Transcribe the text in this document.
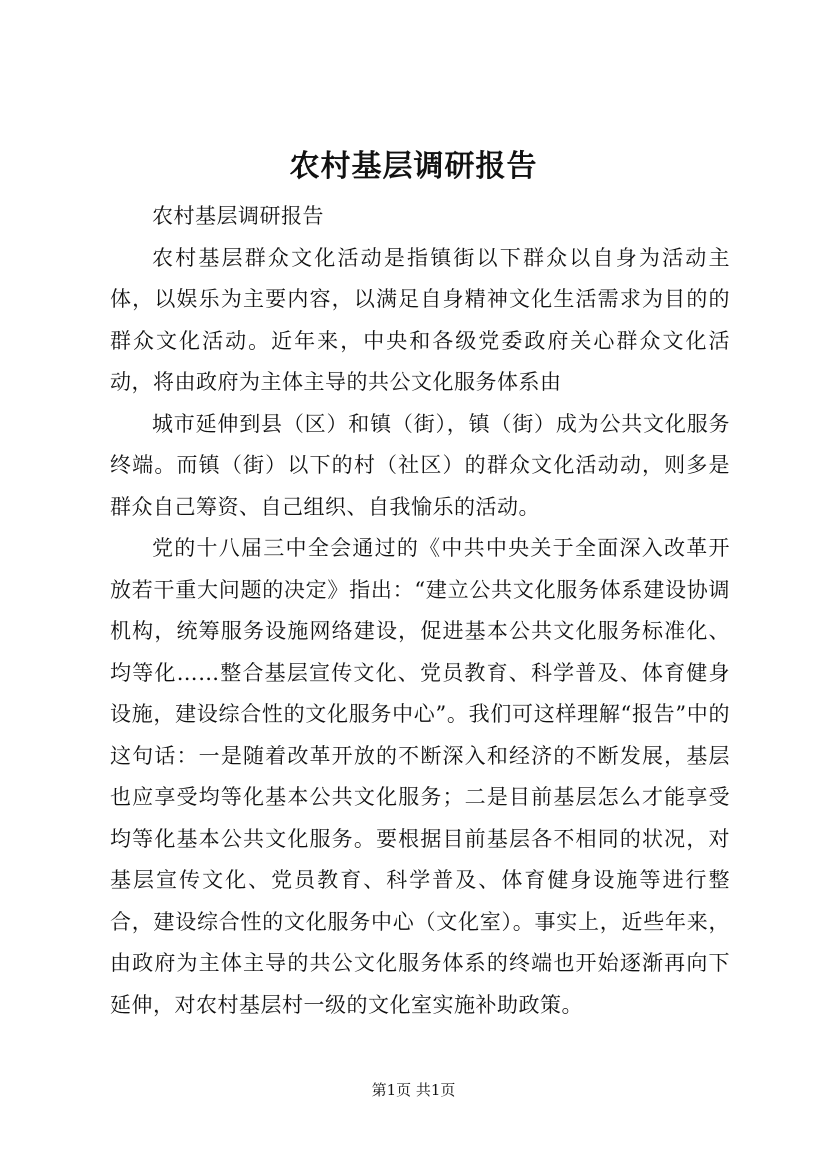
农村基层调研报告

农村基层调研报告

农村基层群众文化活动是指镇街以下群众以自身为活动主体，以娱乐为主要内容，以满足自身精神文化生活需求为目的的群众文化活动。近年来，中央和各级党委政府关心群众文化活动，将由政府为主体主导的共公文化服务体系由

城市延伸到县（区）和镇（街），镇（街）成为公共文化服务终端。而镇（街）以下的村（社区）的群众文化活动动，则多是群众自己筹资、自己组织、自我愉乐的活动。

党的十八届三中全会通过的《中共中央关于全面深入改革开放若干重大问题的决定》指出：“建立公共文化服务体系建设协调机构，统筹服务设施网络建设，促进基本公共文化服务标准化、均等化……整合基层宣传文化、党员教育、科学普及、体育健身设施，建设综合性的文化服务中心”。我们可这样理解“报告”中的这句话：一是随着改革开放的不断深入和经济的不断发展，基层也应享受均等化基本公共文化服务；二是目前基层怎么才能享受均等化基本公共文化服务。要根据目前基层各不相同的状况，对基层宣传文化、党员教育、科学普及、体育健身设施等进行整合，建设综合性的文化服务中心（文化室）。事实上，近些年来，由政府为主体主导的共公文化服务体系的终端也开始逐渐再向下延伸，对农村基层村一级的文化室实施补助政策。

第1页 共1页
